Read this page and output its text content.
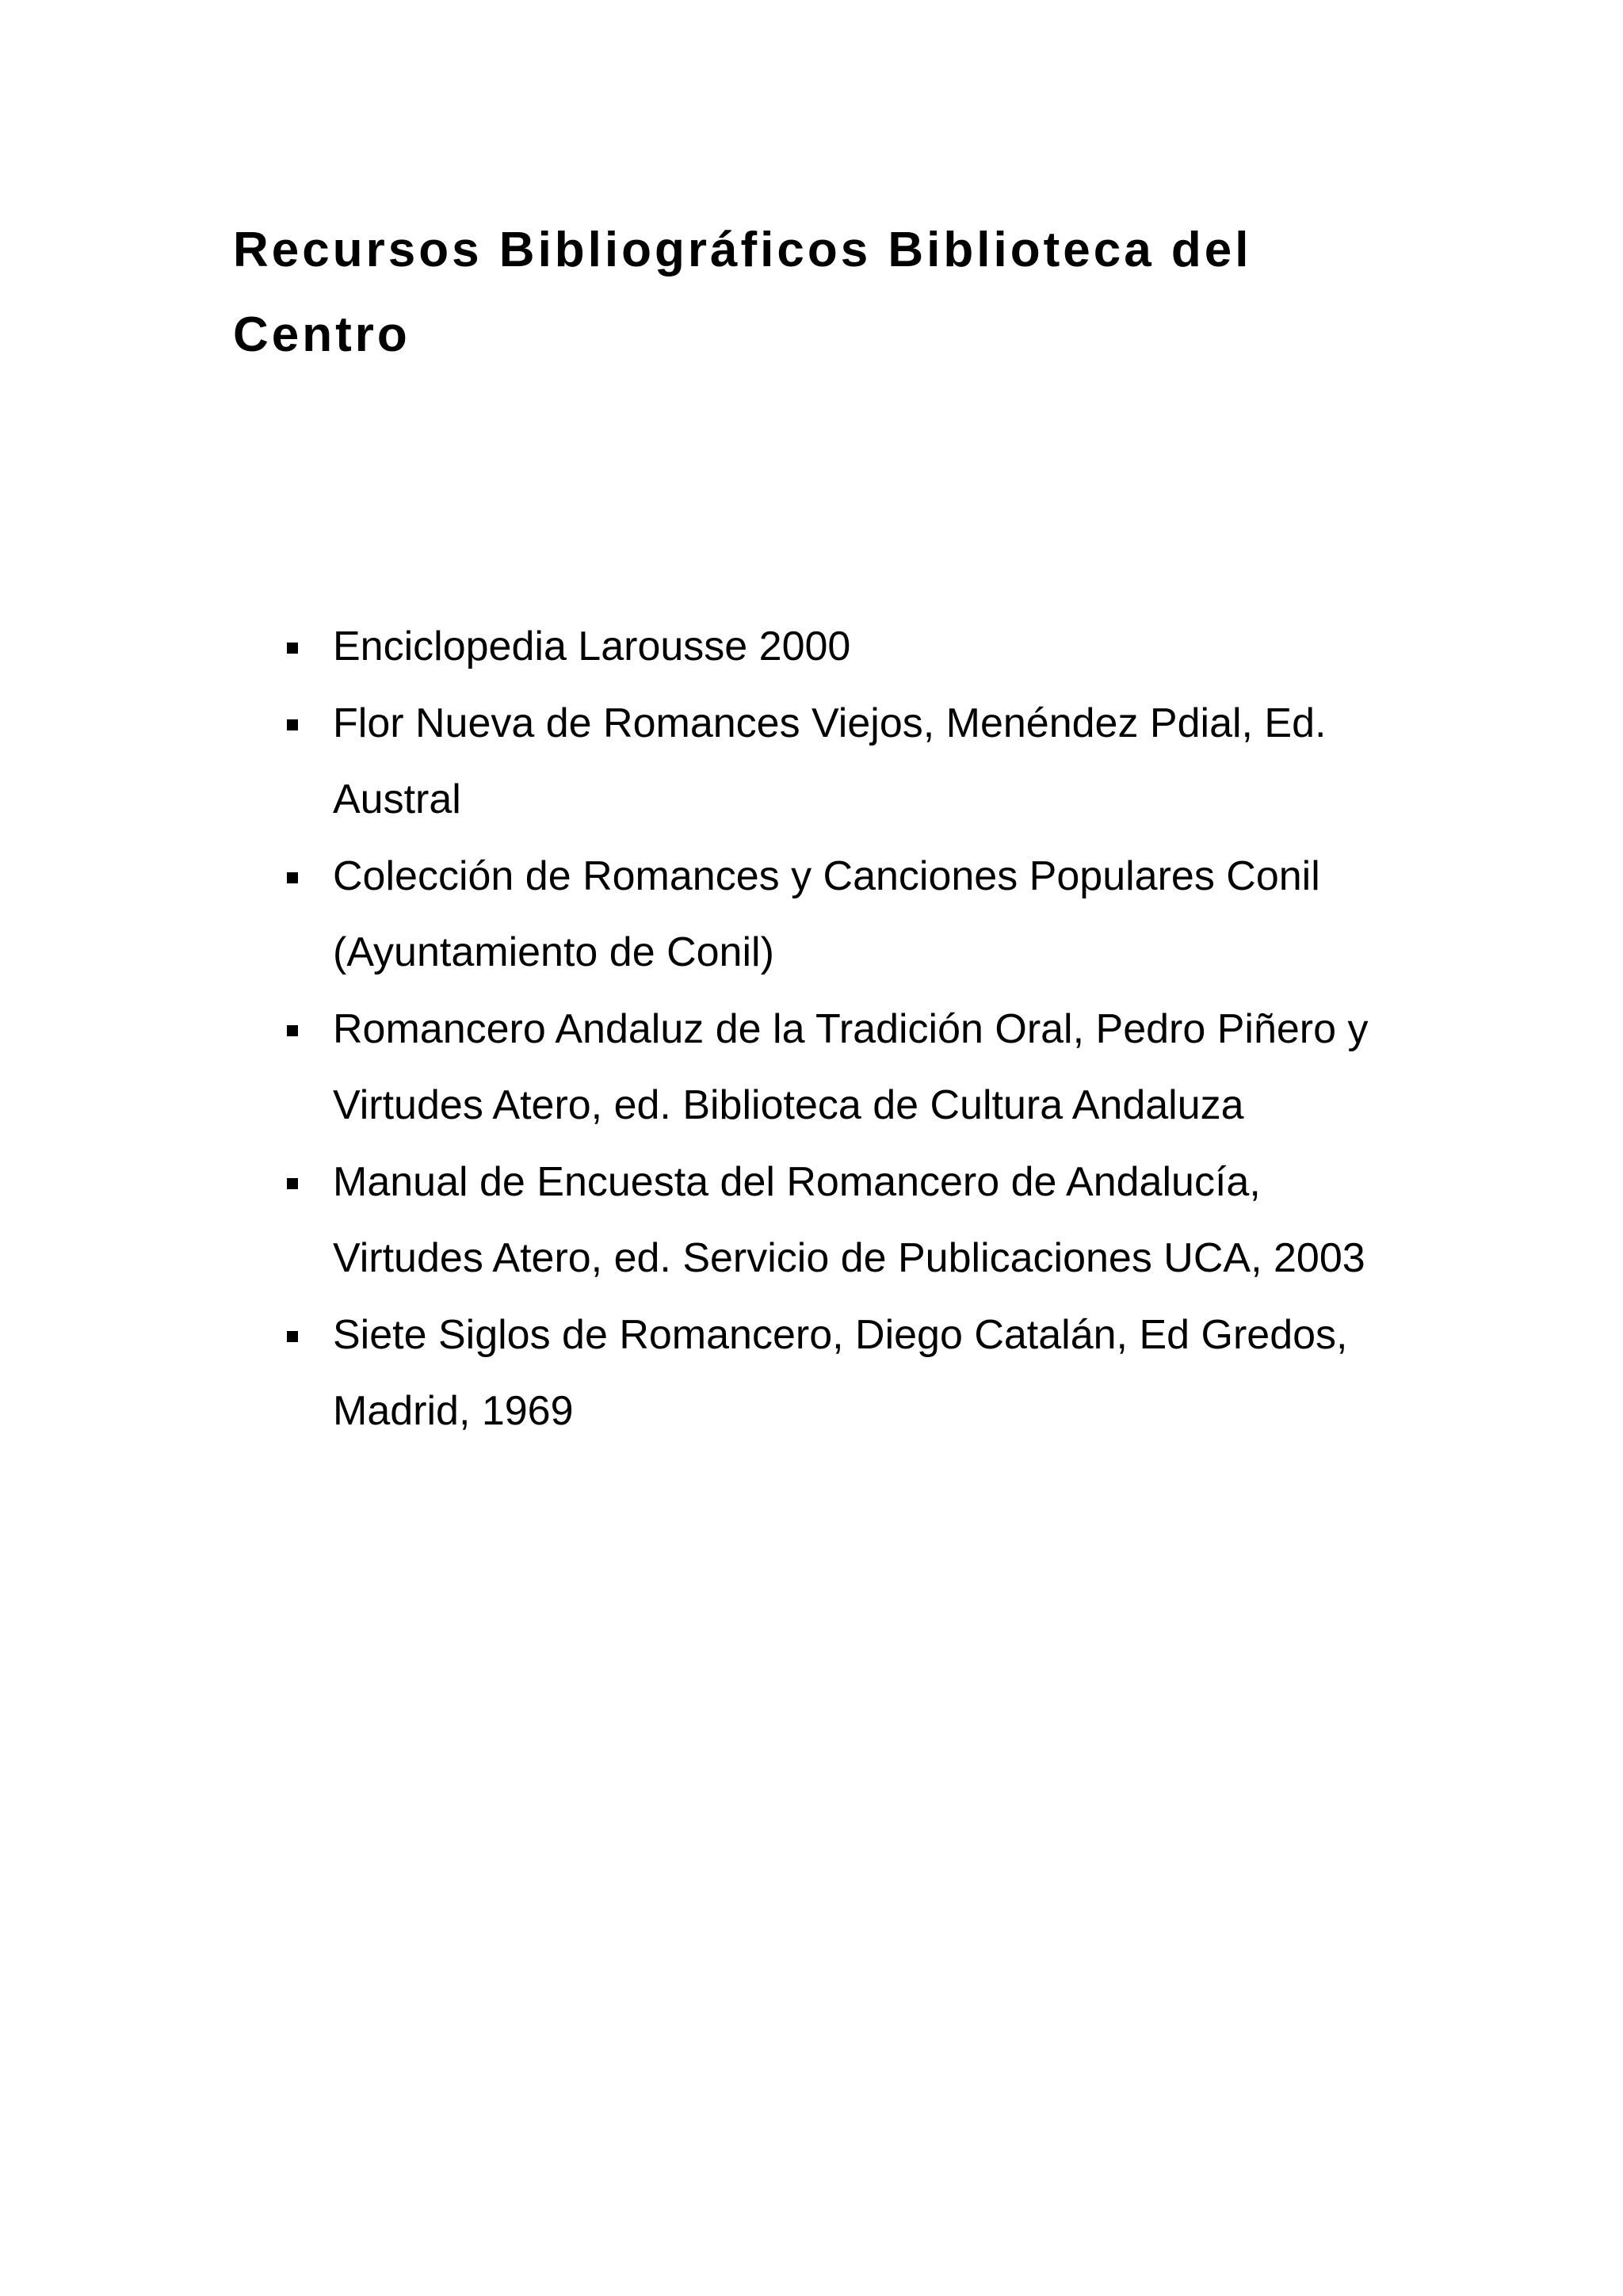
Recursos Bibliográficos Biblioteca del Centro
Enciclopedia Larousse 2000
Flor Nueva de Romances Viejos, Menéndez Pdial, Ed. Austral
Colección de Romances y Canciones Populares Conil (Ayuntamiento de Conil)
Romancero Andaluz de la Tradición Oral, Pedro Piñero y Virtudes Atero, ed. Biblioteca de Cultura Andaluza
Manual de Encuesta del Romancero de Andalucía, Virtudes Atero, ed. Servicio de Publicaciones UCA, 2003
Siete Siglos de Romancero, Diego Catalán, Ed Gredos, Madrid, 1969
